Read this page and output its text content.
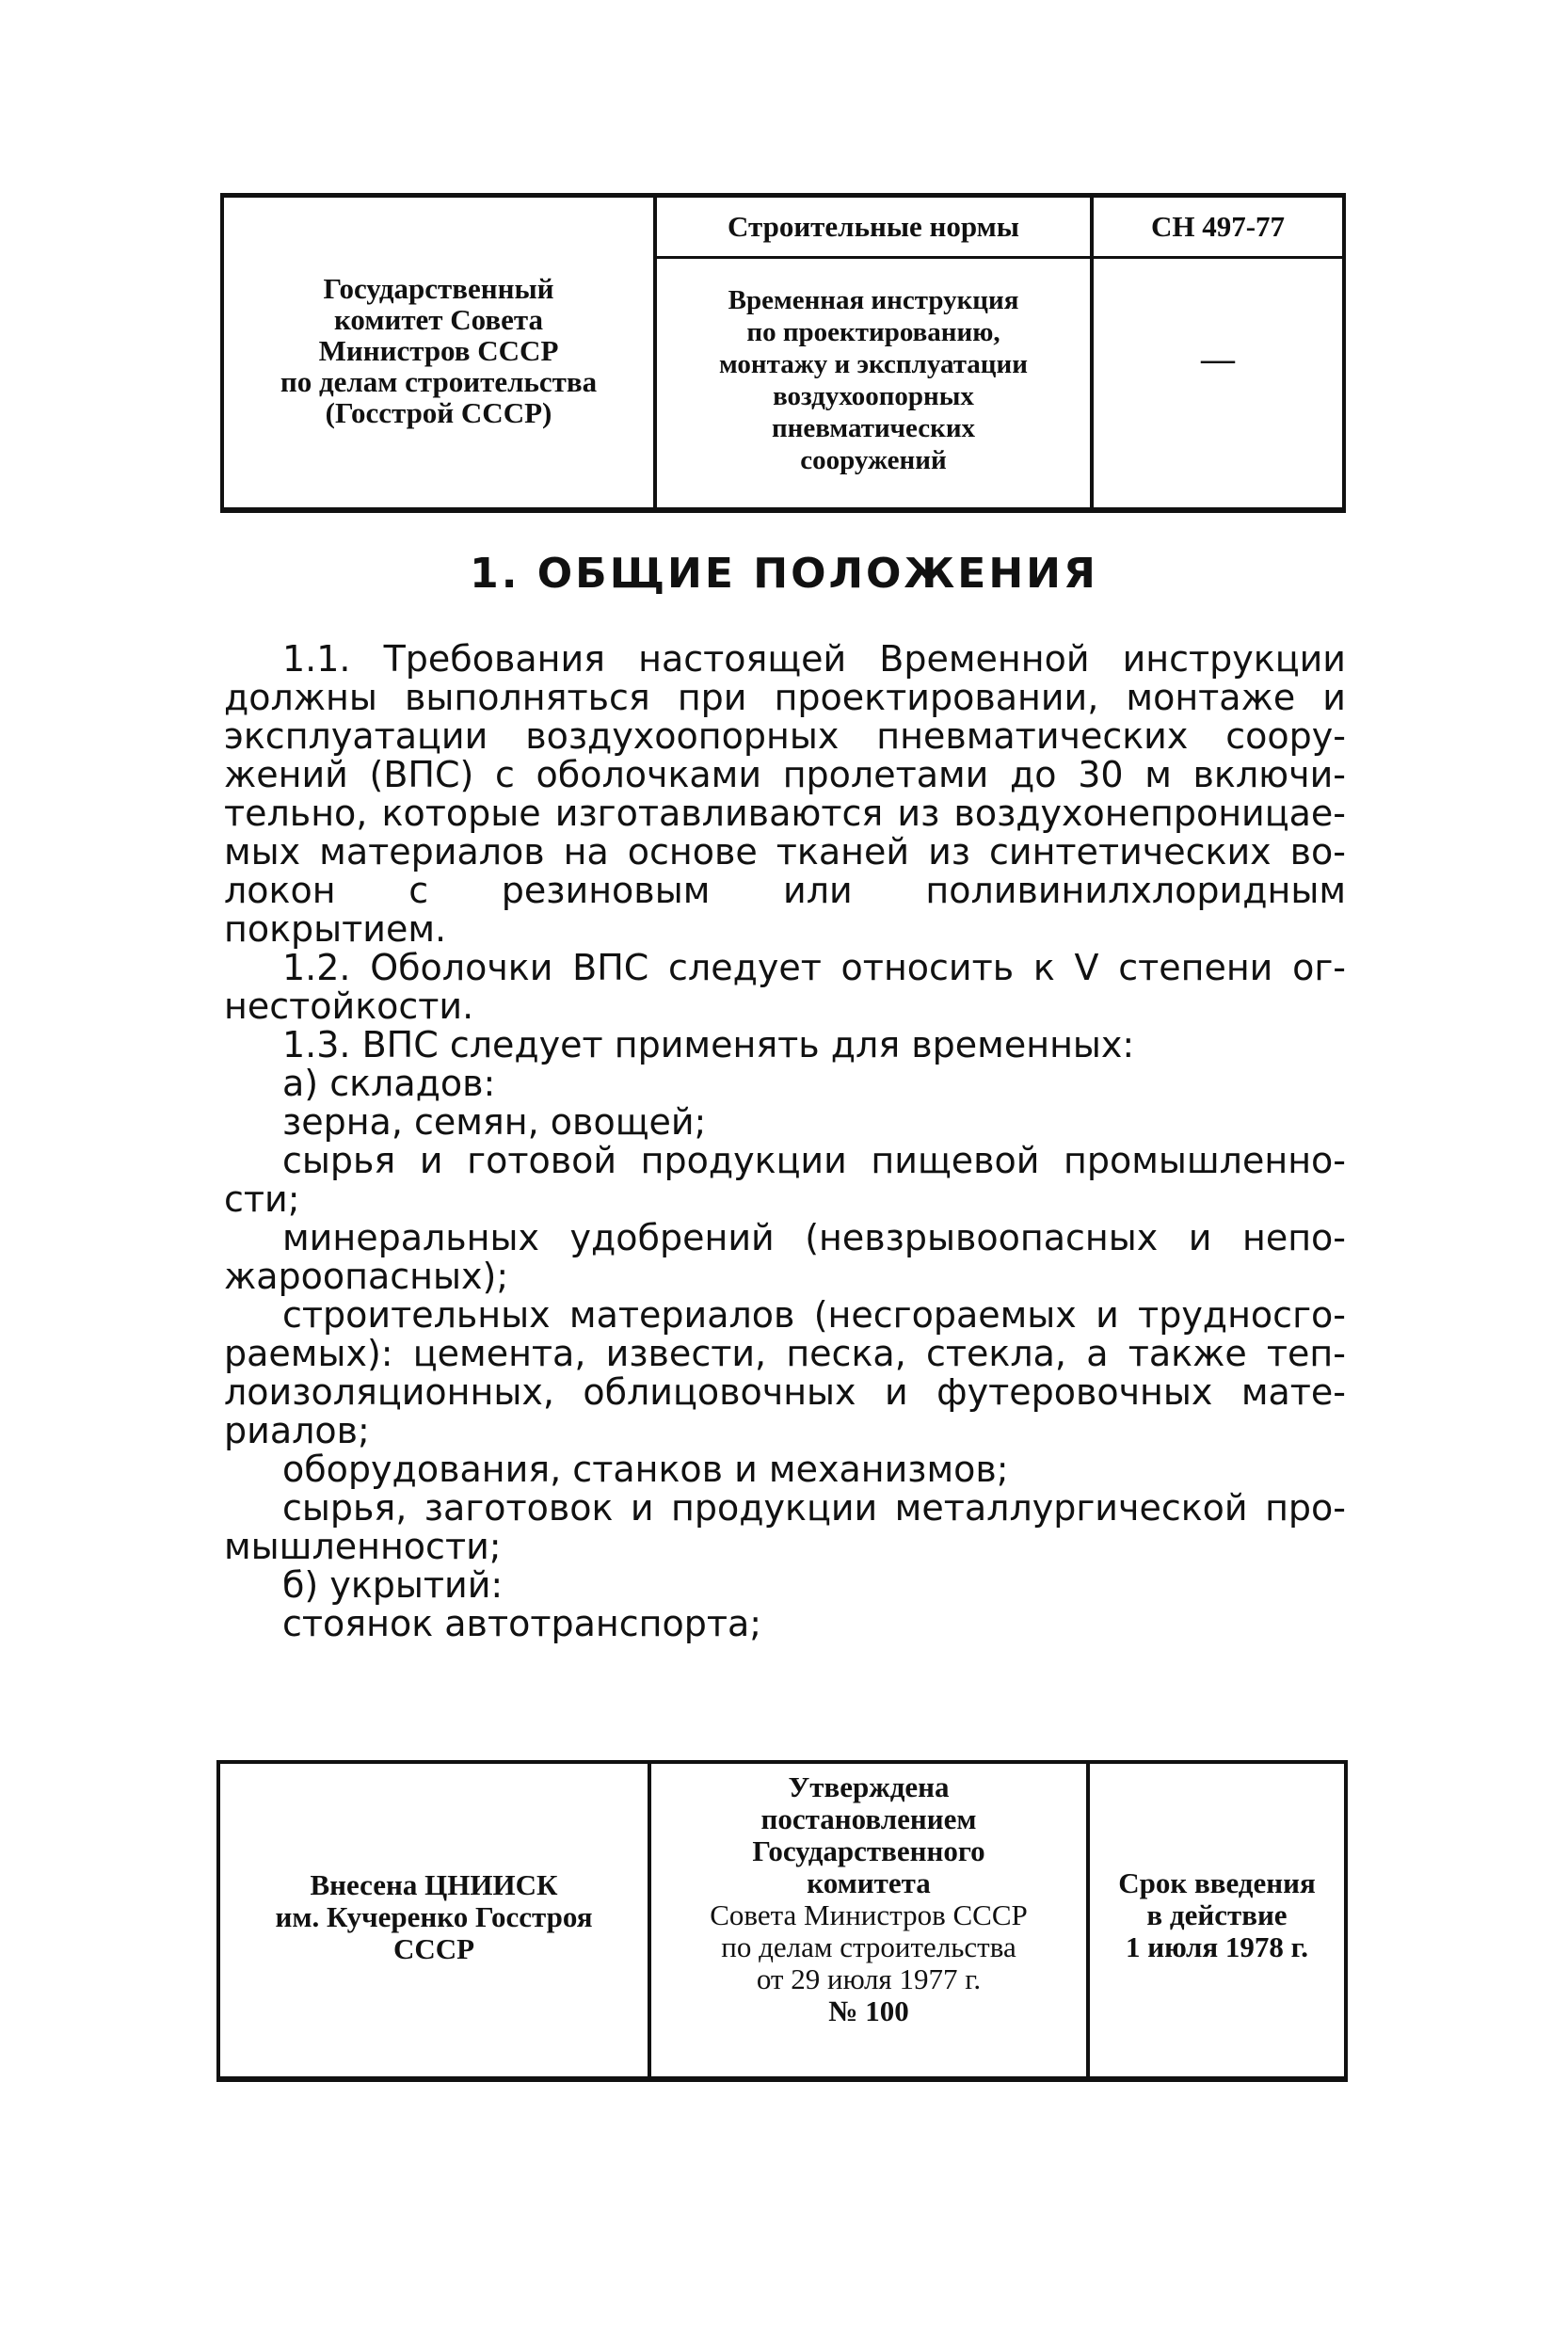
Государственный
комитет Совета
Министров СССР
по делам строительства
(Госстрой СССР)
Строительные нормы
Временная инструкция
по проектированию,
монтажу и эксплуатации
воздухоопорных
пневматических
сооружений
СН 497-77
—
1. ОБЩИЕ ПОЛОЖЕНИЯ
1.1. Требования настоящей Временной инструкции
должны выполняться при проектировании, монтаже и
эксплуатации воздухоопорных пневматических соору-
жений (ВПС) с оболочками пролетами до 30 м включи-
тельно, которые изготавливаются из воздухонепроницае-
мых материалов на основе тканей из синтетических во-
локон с резиновым или поливинилхлоридным
покрытием.
1.2. Оболочки ВПС следует относить к V степени ог-
нестойкости.
1.3. ВПС следует применять для временных:
а) складов:
зерна, семян, овощей;
сырья и готовой продукции пищевой промышленно-
сти;
минеральных удобрений (невзрывоопасных и непо-
жароопасных);
строительных материалов (несгораемых и трудносго-
раемых): цемента, извести, песка, стекла, а также теп-
лоизоляционных, облицовочных и футеровочных мате-
риалов;
оборудования, станков и механизмов;
сырья, заготовок и продукции металлургической про-
мышленности;
б) укрытий:
стоянок автотранспорта;
Внесена ЦНИИСК
им. Кучеренко Госстроя
СССР
Утверждена
постановлением
Государственного
комитета
Совета Министров СССР
по делам строительства
от 29 июля 1977 г.
№ 100
Срок введения
в действие
1 июля 1978 г.
